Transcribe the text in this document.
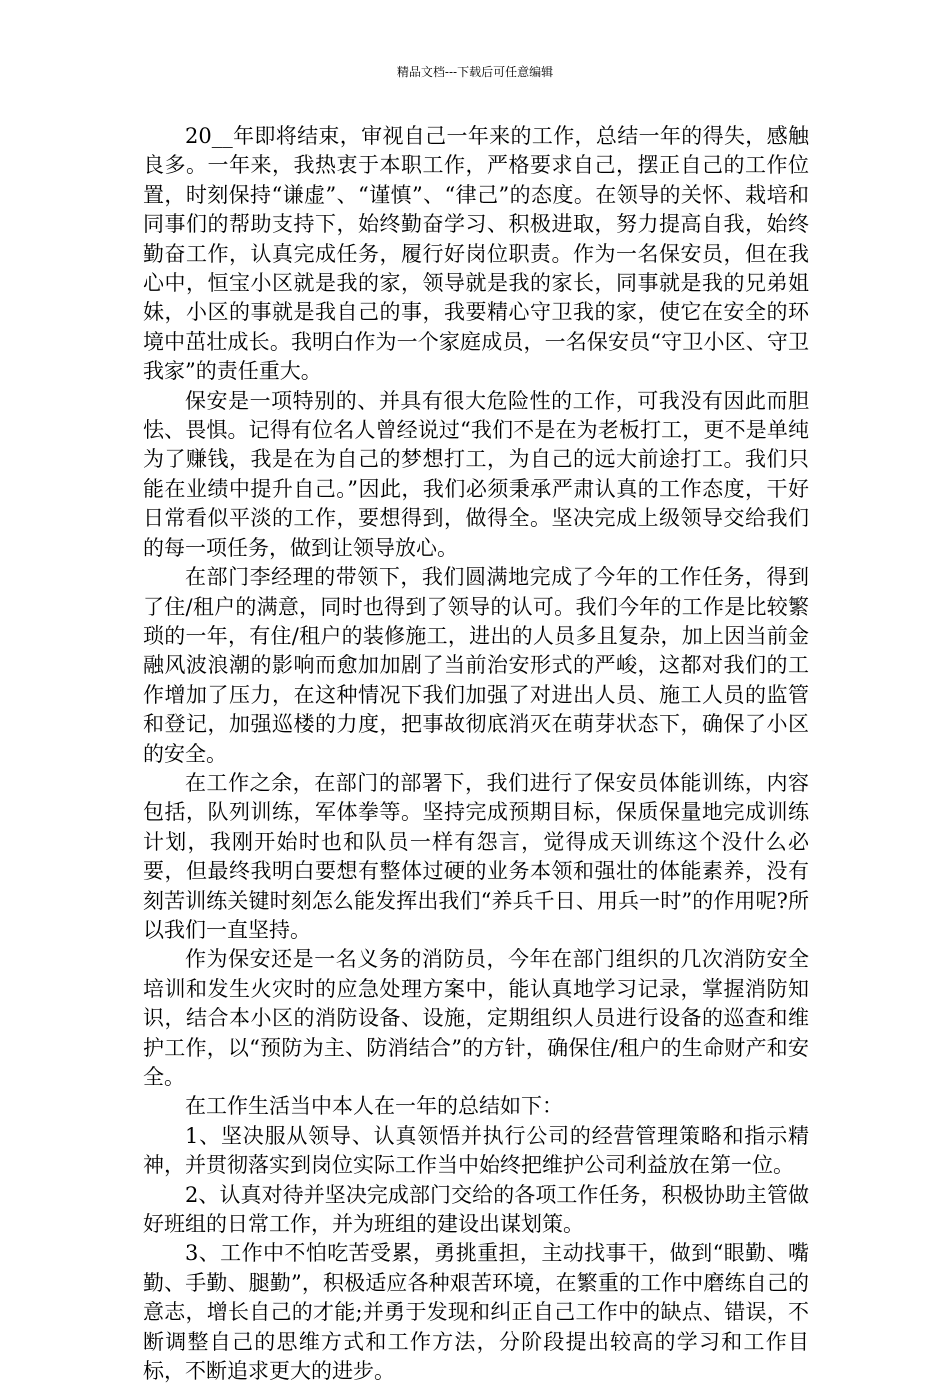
精品文档---下载后可任意编辑

20__年即将结束，审视自己一年来的工作，总结一年的得失，感触良多。一年来，我热衷于本职工作，严格要求自己，摆正自己的工作位置，时刻保持“谦虚”、“谨慎”、“律己”的态度。在领导的关怀、栽培和同事们的帮助支持下，始终勤奋学习、积极进取，努力提高自我，始终勤奋工作，认真完成任务，履行好岗位职责。作为一名保安员，但在我心中，恒宝小区就是我的家，领导就是我的家长，同事就是我的兄弟姐妹，小区的事就是我自己的事，我要精心守卫我的家，使它在安全的环境中茁壮成长。我明白作为一个家庭成员，一名保安员“守卫小区、守卫我家”的责任重大。

保安是一项特别的、并具有很大危险性的工作，可我没有因此而胆怯、畏惧。记得有位名人曾经说过“我们不是在为老板打工，更不是单纯为了赚钱，我是在为自己的梦想打工，为自己的远大前途打工。我们只能在业绩中提升自己。”因此，我们必须秉承严肃认真的工作态度，干好日常看似平淡的工作，要想得到，做得全。坚决完成上级领导交给我们的每一项任务，做到让领导放心。

在部门李经理的带领下，我们圆满地完成了今年的工作任务，得到了住/租户的满意，同时也得到了领导的认可。我们今年的工作是比较繁琐的一年，有住/租户的装修施工，进出的人员多且复杂，加上因当前金融风波浪潮的影响而愈加加剧了当前治安形式的严峻，这都对我们的工作增加了压力，在这种情况下我们加强了对进出人员、施工人员的监管和登记，加强巡楼的力度，把事故彻底消灭在萌芽状态下，确保了小区的安全。

在工作之余，在部门的部署下，我们进行了保安员体能训练，内容包括，队列训练，军体拳等。坚持完成预期目标，保质保量地完成训练计划，我刚开始时也和队员一样有怨言，觉得成天训练这个没什么必要，但最终我明白要想有整体过硬的业务本领和强壮的体能素养，没有刻苦训练关键时刻怎么能发挥出我们“养兵千日、用兵一时”的作用呢?所以我们一直坚持。

作为保安还是一名义务的消防员，今年在部门组织的几次消防安全培训和发生火灾时的应急处理方案中，能认真地学习记录，掌握消防知识，结合本小区的消防设备、设施，定期组织人员进行设备的巡查和维护工作，以“预防为主、防消结合”的方针，确保住/租户的生命财产和安全。

在工作生活当中本人在一年的总结如下：

1、坚决服从领导、认真领悟并执行公司的经营管理策略和指示精神，并贯彻落实到岗位实际工作当中始终把维护公司利益放在第一位。

2、认真对待并坚决完成部门交给的各项工作任务，积极协助主管做好班组的日常工作，并为班组的建设出谋划策。

3、工作中不怕吃苦受累，勇挑重担，主动找事干，做到“眼勤、嘴勤、手勤、腿勤”，积极适应各种艰苦环境，在繁重的工作中磨练自己的意志，增长自己的才能;并勇于发现和纠正自己工作中的缺点、错误，不断调整自己的思维方式和工作方法，分阶段提出较高的学习和工作目标，不断追求更大的进步。
